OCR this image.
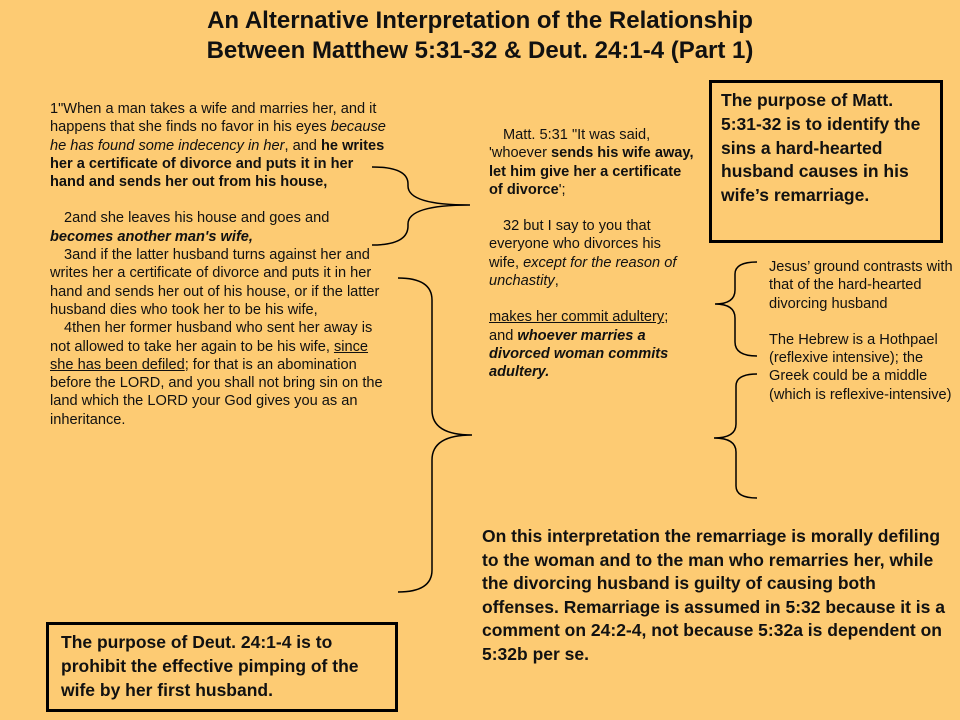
An Alternative Interpretation of the Relationship
Between Matthew 5:31-32 & Deut. 24:1-4 (Part 1)

1"When a man takes a wife and marries her, and it happens that she finds no favor in his eyes because he has found some indecency in her, and he writes her a certificate of divorce and puts it in her hand and sends her out from his house,

2and she leaves his house and goes and becomes another man's wife,

3and if the latter husband turns against her and writes her a certificate of divorce and puts it in her hand and sends her out of his house, or if the latter husband dies who took her to be his wife,

4then her former husband who sent her away is not allowed to take her again to be his wife, since she has been defiled; for that is an abomination before the LORD, and you shall not bring sin on the land which the LORD your God gives you as an inheritance.

Matt. 5:31 "It was said, 'whoever sends his wife away, let him give her a certificate of divorce';

32 but I say to you that everyone who divorces his wife, except for the reason of unchastity,

makes her commit adultery; and whoever marries a divorced woman commits adultery.

Jesus’ ground contrasts with that of the hard-hearted divorcing husband

The Hebrew is a Hothpael (reflexive intensive); the Greek could be a middle (which is reflexive-intensive)

The purpose of Matt. 5:31-32 is to identify the sins a hard-hearted husband causes in his wife’s remarriage.
The purpose of Deut. 24:1-4 is to prohibit the effective pimping of the wife by her first husband.
On this interpretation the remarriage is morally defiling to the woman and to the man who remarries her, while the divorcing husband is guilty of causing both offenses. Remarriage is assumed in 5:32 because it is a comment on 24:2-4, not because 5:32a is dependent on 5:32b per se.
